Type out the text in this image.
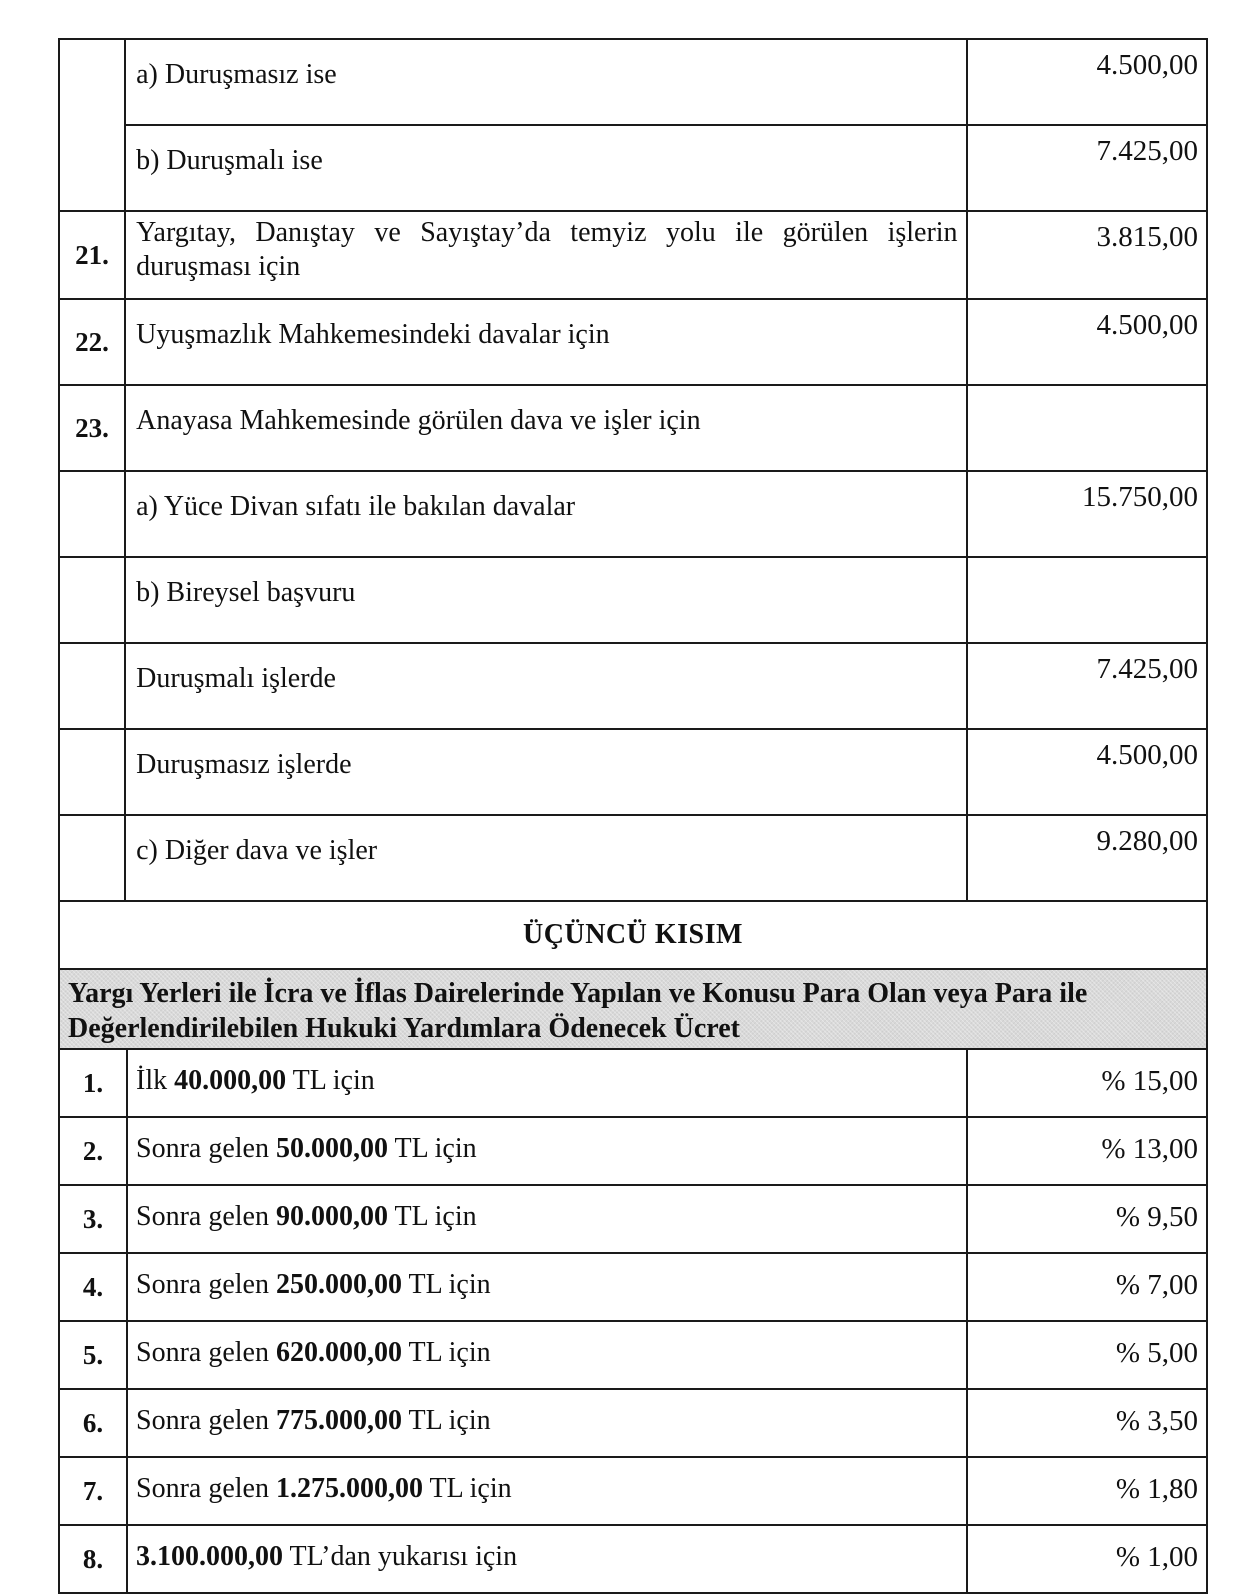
	a) Duruşmasız ise	4.500,00
	b) Duruşmalı ise	7.425,00
21.	Yargıtay, Danıştay ve Sayıştay’da temyiz yolu ile görülen işlerin
duruşması için	3.815,00
22.	Uyuşmazlık Mahkemesindeki davalar için	4.500,00
23.	Anayasa Mahkemesinde görülen dava ve işler için	
	a) Yüce Divan sıfatı ile bakılan davalar	15.750,00
	b) Bireysel başvuru	
	Duruşmalı işlerde	7.425,00
	Duruşmasız işlerde	4.500,00
	c) Diğer dava ve işler	9.280,00
ÜÇÜNCÜ KISIM		
Yargı Yerleri ile İcra ve İflas Dairelerinde Yapılan ve Konusu Para Olan veya Para ile
Değerlendirilebilen Hukuki Yardımlara Ödenecek Ücret		
1.	İlk 40.000,00 TL için	% 15,00
2.	Sonra gelen 50.000,00 TL için	% 13,00
3.	Sonra gelen 90.000,00 TL için	% 9,50
4.	Sonra gelen 250.000,00 TL için	% 7,00
5.	Sonra gelen 620.000,00 TL için	% 5,00
6.	Sonra gelen 775.000,00 TL için	% 3,50
7.	Sonra gelen 1.275.000,00 TL için	% 1,80
8.	3.100.000,00 TL’dan yukarısı için	% 1,00
